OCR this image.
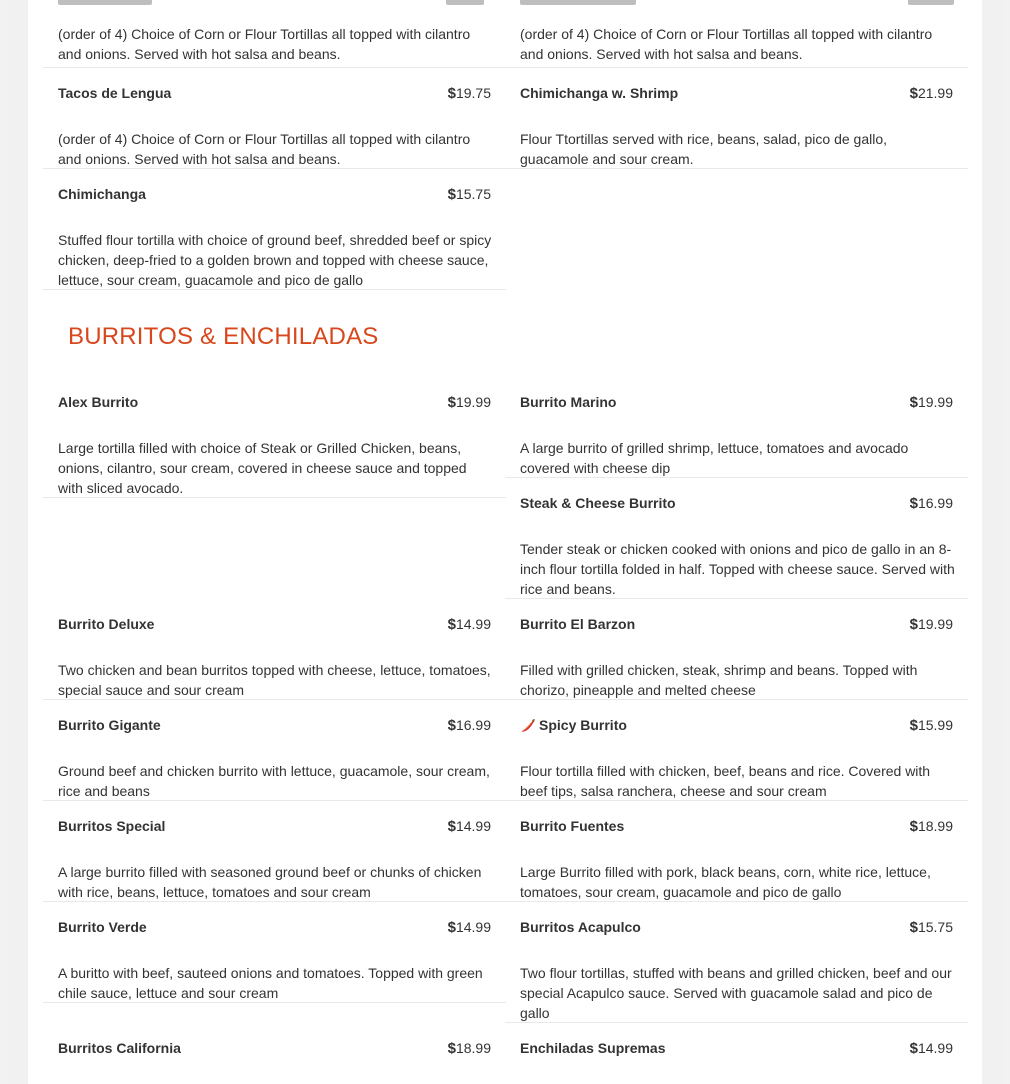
(order of 4) Choice of Corn or Flour Tortillas all topped with cilantro and onions. Served with hot salsa and beans.
(order of 4) Choice of Corn or Flour Tortillas all topped with cilantro and onions. Served with hot salsa and beans.
Tacos de Lengua	$19.75
(order of 4) Choice of Corn or Flour Tortillas all topped with cilantro and onions. Served with hot salsa and beans.
Chimichanga w. Shrimp	$21.99
Flour Ttortillas served with rice, beans, salad, pico de gallo, guacamole and sour cream.
Chimichanga	$15.75
Stuffed flour tortilla with choice of ground beef, shredded beef or spicy chicken, deep-fried to a golden brown and topped with cheese sauce, lettuce, sour cream, guacamole and pico de gallo
BURRITOS & ENCHILADAS
Alex Burrito	$19.99
Large tortilla filled with choice of Steak or Grilled Chicken, beans, onions, cilantro, sour cream, covered in cheese sauce and topped with sliced avocado.
Burrito Marino	$19.99
A large burrito of grilled shrimp, lettuce, tomatoes and avocado covered with cheese dip
Steak & Cheese Burrito	$16.99
Tender steak or chicken cooked with onions and pico de gallo in an 8-inch flour tortilla folded in half. Topped with cheese sauce. Served with rice and beans.
Burrito Deluxe	$14.99
Two chicken and bean burritos topped with cheese, lettuce, tomatoes, special sauce and sour cream
Burrito El Barzon	$19.99
Filled with grilled chicken, steak, shrimp and beans. Topped with chorizo, pineapple and melted cheese
Burrito Gigante	$16.99
Ground beef and chicken burrito with lettuce, guacamole, sour cream, rice and beans
Spicy Burrito	$15.99
Flour tortilla filled with chicken, beef, beans and rice. Covered with beef tips, salsa ranchera, cheese and sour cream
Burritos Special	$14.99
A large burrito filled with seasoned ground beef or chunks of chicken with rice, beans, lettuce, tomatoes and sour cream
Burrito Fuentes	$18.99
Large Burrito filled with pork, black beans, corn, white rice, lettuce, tomatoes, sour cream, guacamole and pico de gallo
Burrito Verde	$14.99
A buritto with beef, sauteed onions and tomatoes. Topped with green chile sauce, lettuce and sour cream
Burritos Acapulco	$15.75
Two flour tortillas, stuffed with beans and grilled chicken, beef and our special Acapulco sauce. Served with guacamole salad and pico de gallo
Burritos California	$18.99 Enchiladas Supremas	$14.99
